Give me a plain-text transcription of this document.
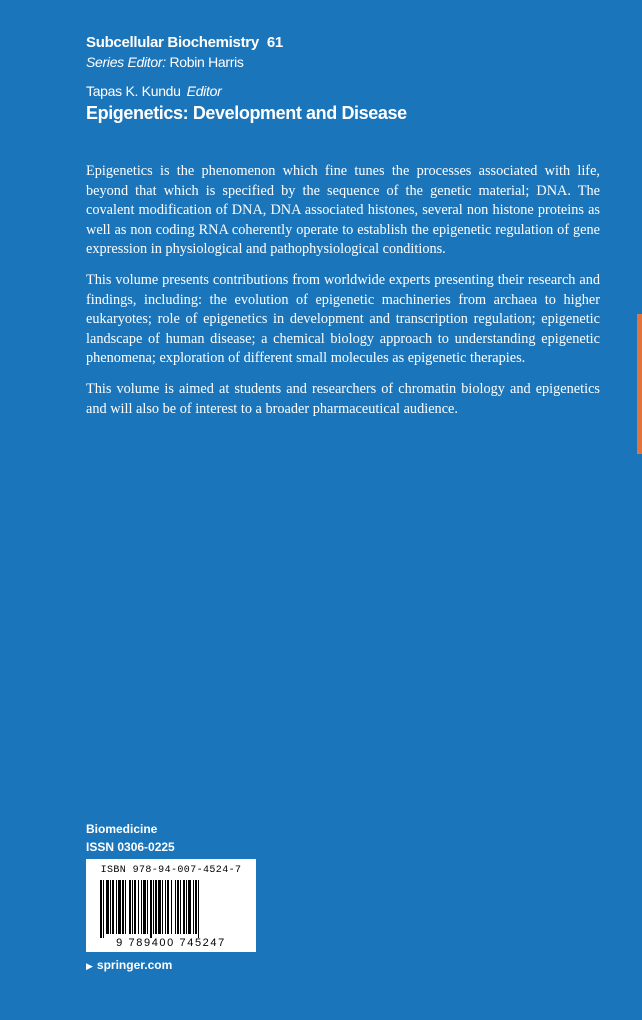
Subcellular Biochemistry 61
Series Editor: Robin Harris
Tapas K. Kundu Editor
Epigenetics: Development and Disease

Epigenetics is the phenomenon which fine tunes the processes associated with life, beyond that which is specified by the sequence of the genetic material; DNA. The covalent modification of DNA, DNA associated histones, several non histone proteins as well as non coding RNA coherently operate to establish the epigenetic regulation of gene expression in physiological and pathophysiological conditions.

This volume presents contributions from worldwide experts presenting their research and findings, including: the evolution of epigenetic machineries from archaea to higher eukaryotes; role of epigenetics in development and transcription regulation; epigenetic landscape of human disease; a chemical biology approach to understanding epigenetic phenomena; exploration of different small molecules as epigenetic therapies.

This volume is aimed at students and researchers of chromatin biology and epigenetics and will also be of interest to a broader pharmaceutical audience.

Biomedicine
ISSN 0306-0225
ISBN 978-94-007-4524-7
9 789400 745247
▶ springer.com
